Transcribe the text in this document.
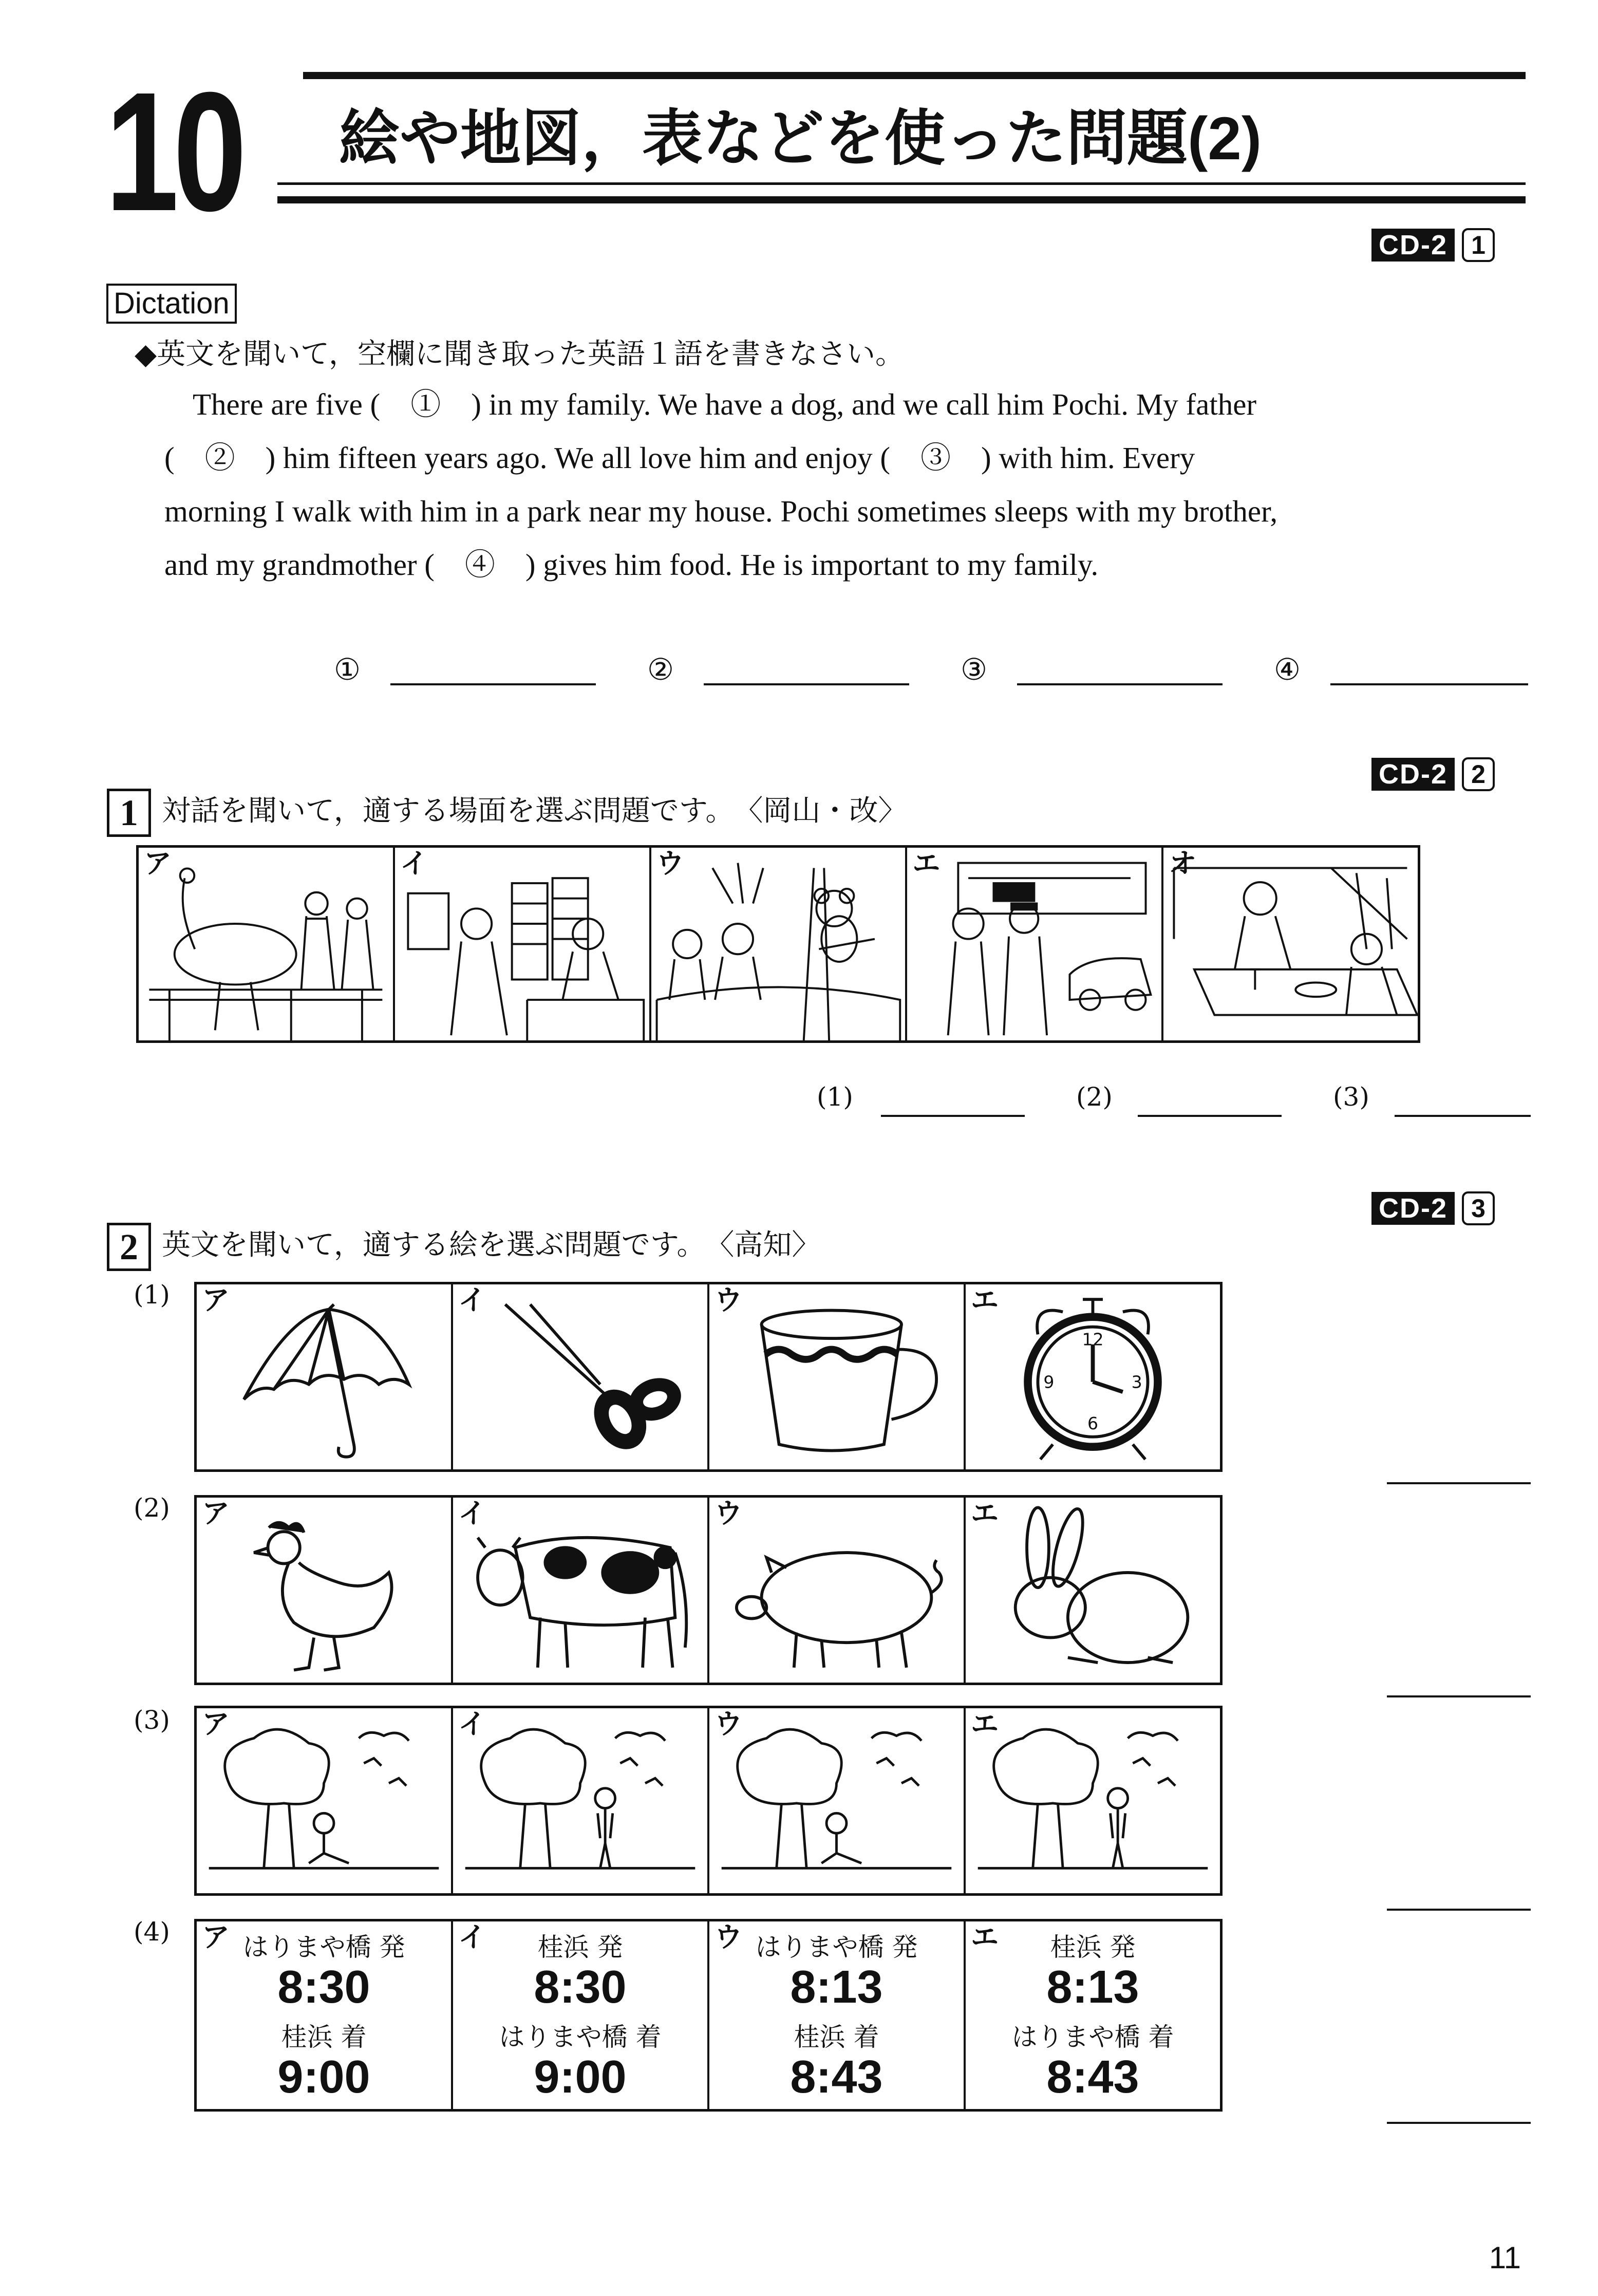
10 絵や地図，表などを使った問題(2)
CD-2 1
Dictation
◆英文を聞いて，空欄に聞き取った英語１語を書きなさい。
There are five (　①　) in my family. We have a dog, and we call him Pochi. My father
(　②　) him fifteen years ago. We all love him and enjoy (　③　) with him. Every
morning I walk with him in a park near my house. Pochi sometimes sleeps with my brother,
and my grandmother (　④　) gives him food. He is important to my family.
①	②	③	④
CD-2 2
1 対話を聞いて，適する場面を選ぶ問題です。　〈岡山・改〉
ア	イ	ウ	エ	オ
(1)	(2)	(3)
CD-2 3
2 英文を聞いて，適する絵を選ぶ問題です。　〈高知〉
(1) ア	イ	ウ	エ
12
3
6
9
(2) ア	イ	ウ	エ
(3) ア	イ	ウ	エ
(4) ア はりまや橋 発
8:30
桂浜 着
9:00
イ	桂浜 発
8:30
はりまや橋 着
9:00
ウ はりまや橋 発
8:13
桂浜 着
8:43
エ	桂浜 発
8:13
はりまや橋 着
8:43
11
